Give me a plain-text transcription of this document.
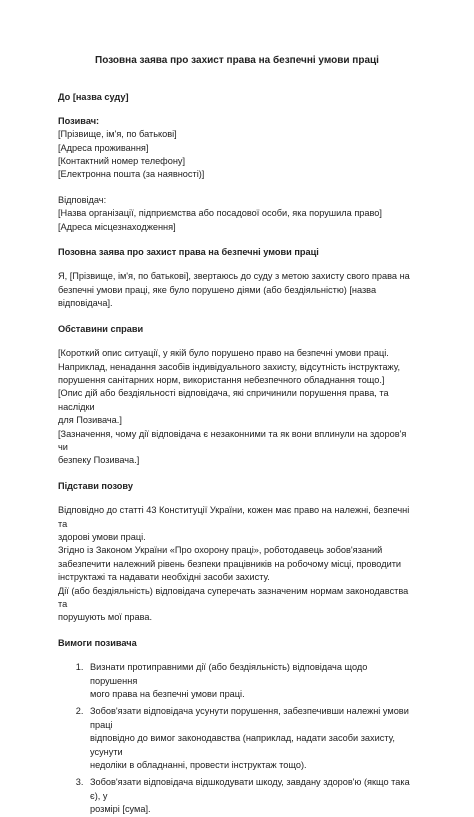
Позовна заява про захист права на безпечні умови праці

До [назва суду]

Позивач:
[Прізвище, ім'я, по батькові]
[Адреса проживання]
[Контактний номер телефону]
[Електронна пошта (за наявності)]
Відповідач:
[Назва організації, підприємства або посадової особи, яка порушила право]
[Адреса місцезнаходження]
Позовна заява про захист права на безпечні умови праці
Я, [Прізвище, ім'я, по батькові], звертаюсь до суду з метою захисту свого права на
безпечні умови праці, яке було порушено діями (або бездіяльністю) [назва відповідача].
Обставини справи
[Короткий опис ситуації, у якій було порушено право на безпечні умови праці.
Наприклад, ненадання засобів індивідуального захисту, відсутність інструктажу,
порушення санітарних норм, використання небезпечного обладнання тощо.]
[Опис дій або бездіяльності відповідача, які спричинили порушення права, та наслідки
для Позивача.]
[Зазначення, чому дії відповідача є незаконними та як вони вплинули на здоров'я чи
безпеку Позивача.]
Підстави позову
Відповідно до статті 43 Конституції України, кожен має право на належні, безпечні та
здорові умови праці.
Згідно із Законом України «Про охорону праці», роботодавець зобов'язаний
забезпечити належний рівень безпеки працівників на робочому місці, проводити
інструктажі та надавати необхідні засоби захисту.
Дії (або бездіяльність) відповідача суперечать зазначеним нормам законодавства та
порушують мої права.
Вимоги позивача
1. Визнати протиправними дії (або бездіяльність) відповідача щодо порушення
мого права на безпечні умови праці.
2. Зобов'язати відповідача усунути порушення, забезпечивши належні умови праці
відповідно до вимог законодавства (наприклад, надати засоби захисту, усунути
недоліки в обладнанні, провести інструктаж тощо).
3. Зобов'язати відповідача відшкодувати шкоду, завдану здоров'ю (якщо така є), у
розмірі [сума].
